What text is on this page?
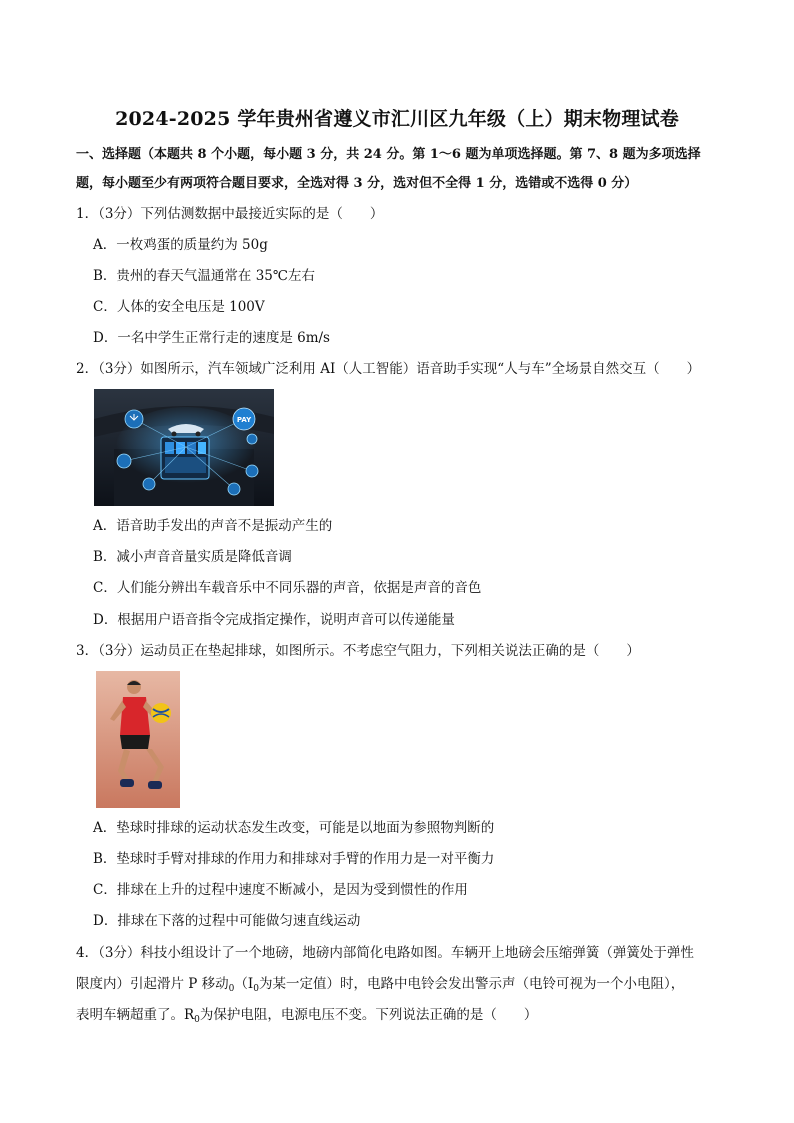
2024-2025 学年贵州省遵义市汇川区九年级（上）期末物理试卷
一、选择题（本题共 8 个小题，每小题 3 分，共 24 分。第 1～6 题为单项选择题。第 7、8 题为多项选择
题，每小题至少有两项符合题目要求，全选对得 3 分，选对但不全得 1 分，选错或不选得 0 分）
1．（3分）下列估测数据中最接近实际的是（　　）
A．一枚鸡蛋的质量约为 50g
B．贵州的春天气温通常在 35℃左右
C．人体的安全电压是 100V
D．一名中学生正常行走的速度是 6m/s
2．（3分）如图所示，汽车领域广泛利用 AI（人工智能）语音助手实现“人与车”全场景自然交互（　　）
PAY
A．语音助手发出的声音不是振动产生的
B．减小声音音量实质是降低音调
C．人们能分辨出车载音乐中不同乐器的声音，依据是声音的音色
D．根据用户语音指令完成指定操作，说明声音可以传递能量
3．（3分）运动员正在垫起排球，如图所示。不考虑空气阻力，下列相关说法正确的是（　　）
A．垫球时排球的运动状态发生改变，可能是以地面为参照物判断的
B．垫球时手臂对排球的作用力和排球对手臂的作用力是一对平衡力
C．排球在上升的过程中速度不断减小，是因为受到惯性的作用
D．排球在下落的过程中可能做匀速直线运动
4．（3分）科技小组设计了一个地磅，地磅内部简化电路如图。车辆开上地磅会压缩弹簧（弹簧处于弹性
限度内）引起滑片 P 移动$_0(I_0$为某一定值）时，电路中电铃会发出警示声（电铃可视为一个小电阻），
表明车辆超重了。$R_0$为保护电阻，电源电压不变。下列说法正确的是（　　）
